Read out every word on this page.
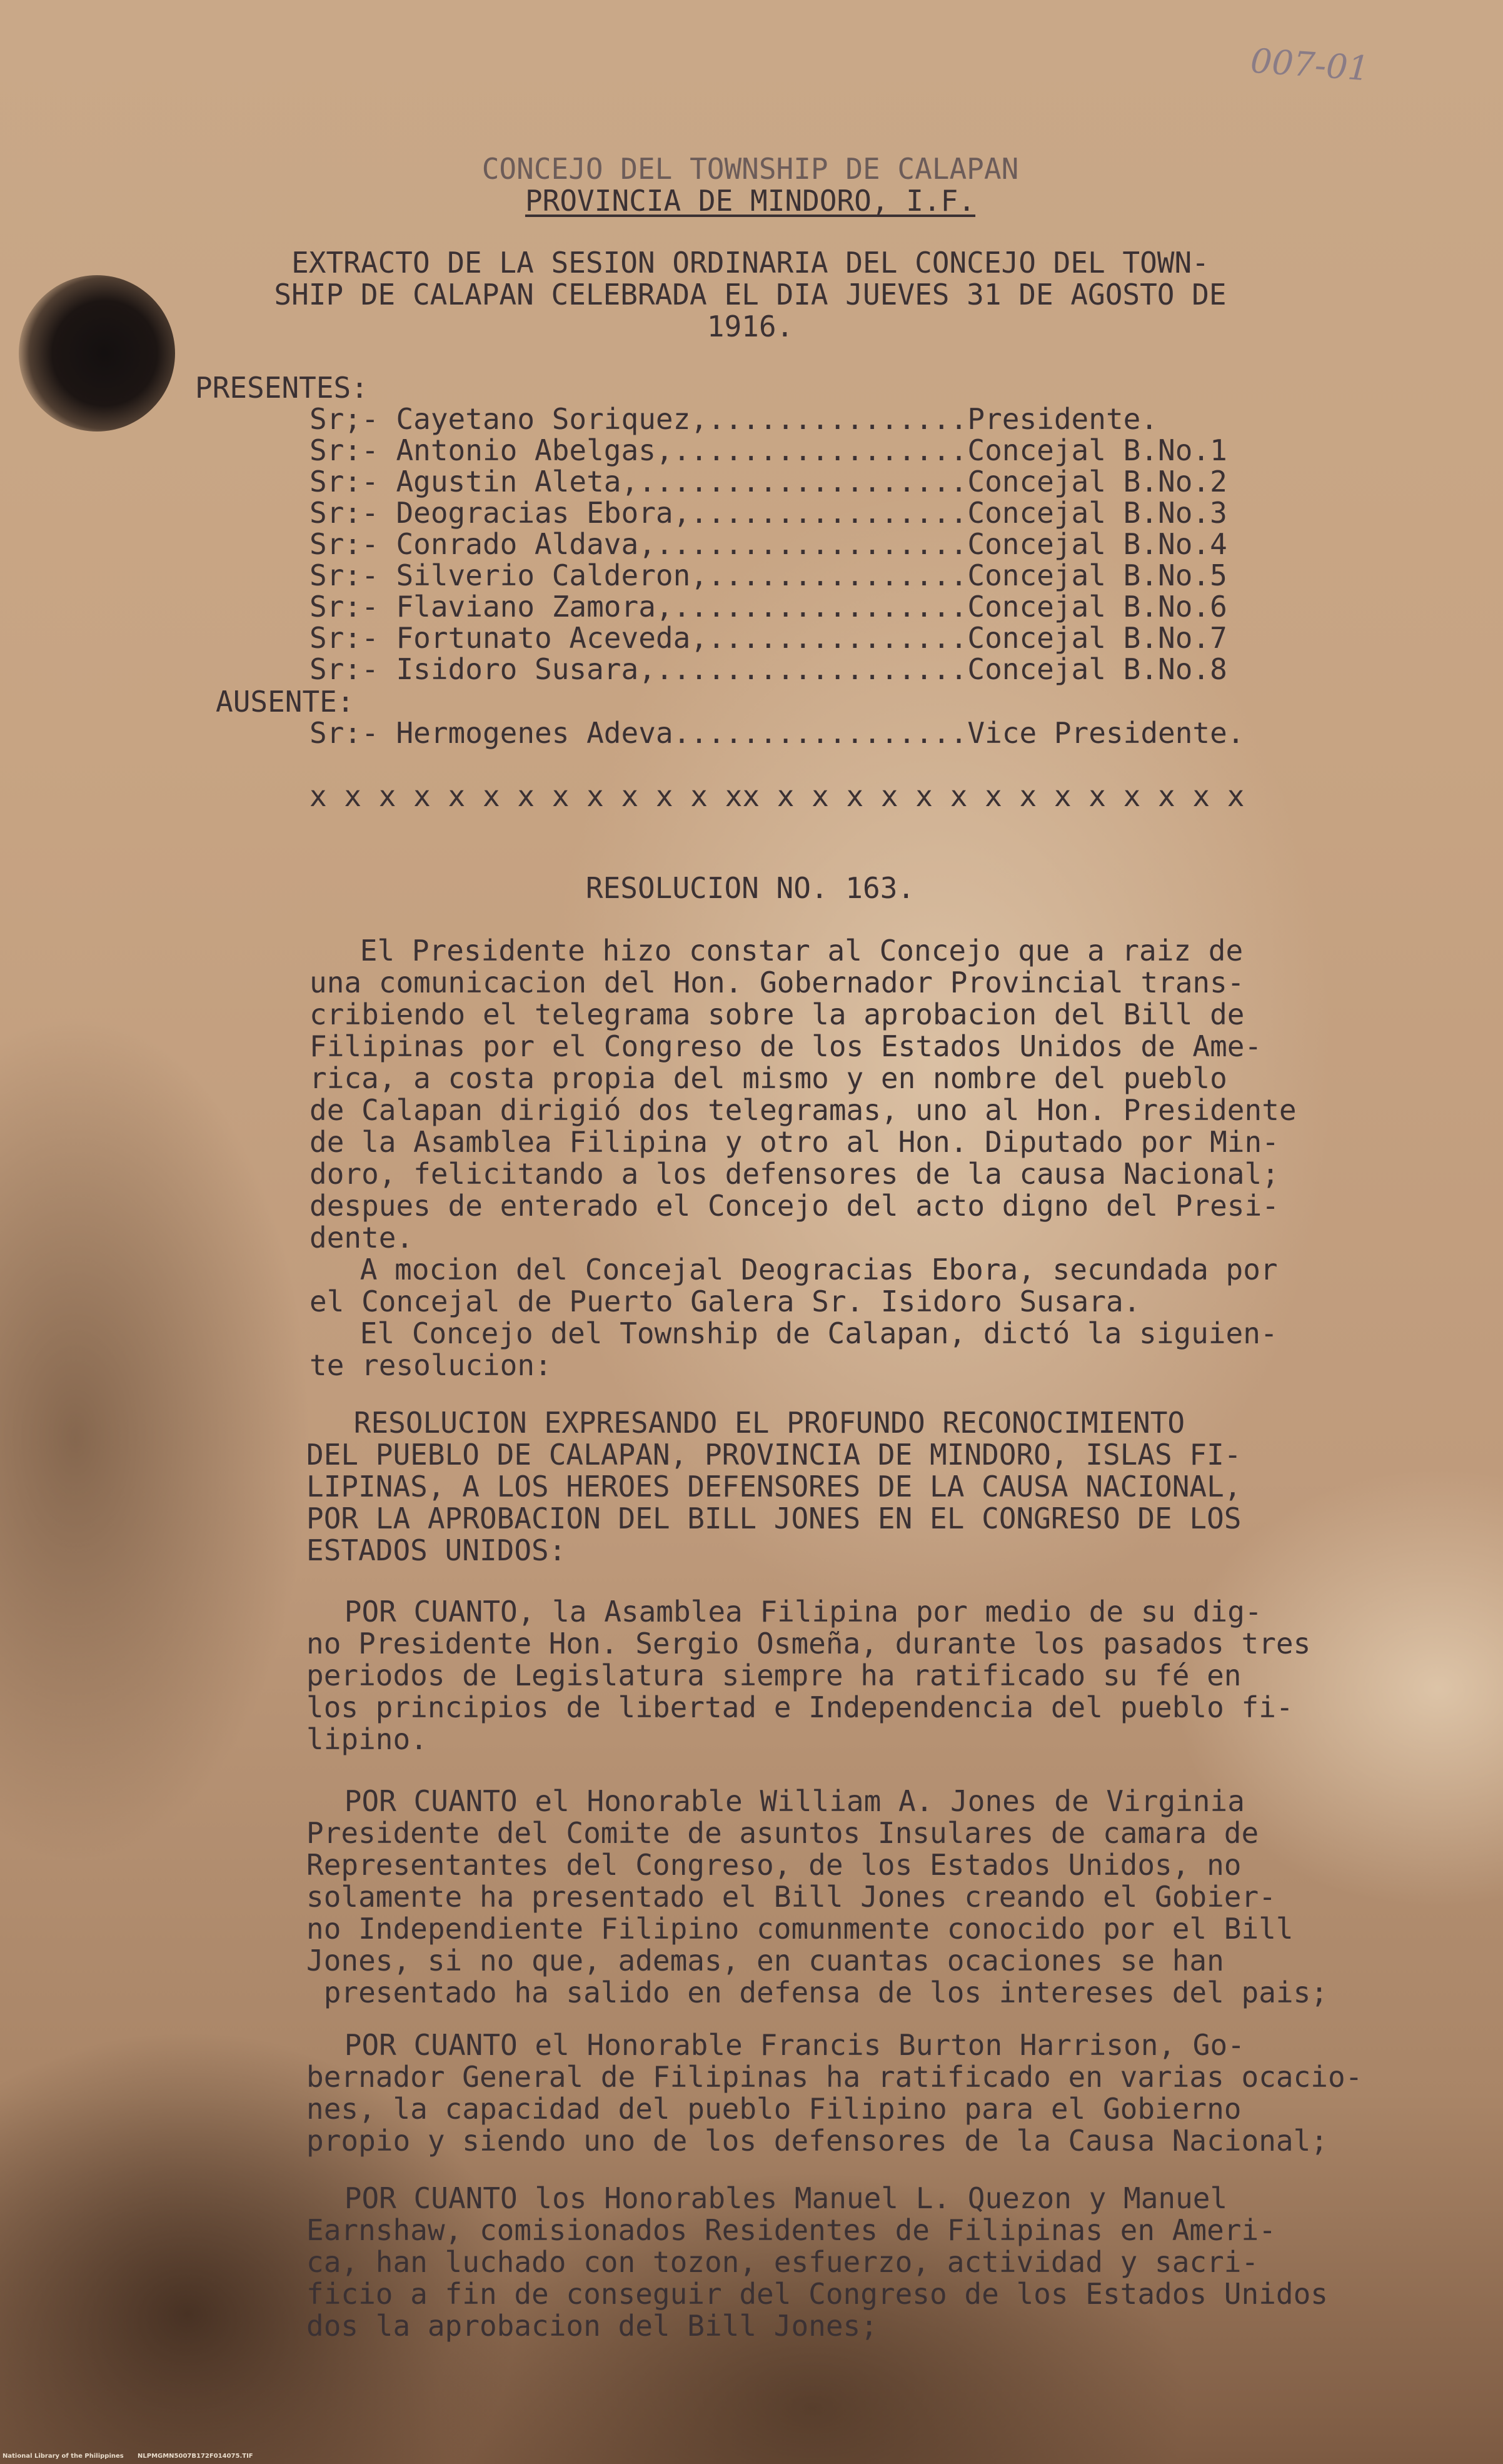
007-01

CONCEJO DEL TOWNSHIP DE CALAPAN

PROVINCIA DE MINDORO, I.F.

EXTRACTO DE LA SESION ORDINARIA DEL CONCEJO DEL TOWN-

SHIP DE CALAPAN CELEBRADA EL DIA JUEVES 31 DE AGOSTO DE

1916.

PRESENTES:

Sr;- Cayetano Soriquez,...............Presidente.

Sr:- Antonio Abelgas,.................Concejal B.No.1

Sr:- Agustin Aleta,...................Concejal B.No.2

Sr:- Deogracias Ebora,................Concejal B.No.3

Sr:- Conrado Aldava,..................Concejal B.No.4

Sr:- Silverio Calderon,...............Concejal B.No.5

Sr:- Flaviano Zamora,.................Concejal B.No.6

Sr:- Fortunato Aceveda,...............Concejal B.No.7

Sr:- Isidoro Susara,..................Concejal B.No.8

AUSENTE:

Sr:- Hermogenes Adeva.................Vice Presidente.

x x x x x x x x x x x x xx x x x x x x x x x x x x x x

RESOLUCION NO. 163.

El Presidente hizo constar al Concejo que a raiz de

una comunicacion del Hon. Gobernador Provincial trans-

cribiendo el telegrama sobre la aprobacion del Bill de

Filipinas por el Congreso de los Estados Unidos de Ame-

rica, a costa propia del mismo y en nombre del pueblo

de Calapan dirigió dos telegramas, uno al Hon. Presidente

de la Asamblea Filipina y otro al Hon. Diputado por Min-

doro, felicitando a los defensores de la causa Nacional;

despues de enterado el Concejo del acto digno del Presi-

dente.

A mocion del Concejal Deogracias Ebora, secundada por

el Concejal de Puerto Galera Sr. Isidoro Susara.

El Concejo del Township de Calapan, dictó la siguien-

te resolucion:

RESOLUCION EXPRESANDO EL PROFUNDO RECONOCIMIENTO

DEL PUEBLO DE CALAPAN, PROVINCIA DE MINDORO, ISLAS FI-

LIPINAS, A LOS HEROES DEFENSORES DE LA CAUSA NACIONAL,

POR LA APROBACION DEL BILL JONES EN EL CONGRESO DE LOS

ESTADOS UNIDOS:

POR CUANTO, la Asamblea Filipina por medio de su dig-

no Presidente Hon. Sergio Osmeña, durante los pasados tres

periodos de Legislatura siempre ha ratificado su fé en

los principios de libertad e Independencia del pueblo fi-

lipino.

POR CUANTO el Honorable William A. Jones de Virginia

Presidente del Comite de asuntos Insulares de camara de

Representantes del Congreso, de los Estados Unidos, no

solamente ha presentado el Bill Jones creando el Gobier-

no Independiente Filipino comunmente conocido por el Bill

Jones, si no que, ademas, en cuantas ocaciones se han

presentado ha salido en defensa de los intereses del pais;

POR CUANTO el Honorable Francis Burton Harrison, Go-

bernador General de Filipinas ha ratificado en varias ocacio-

nes, la capacidad del pueblo Filipino para el Gobierno

propio y siendo uno de los defensores de la Causa Nacional;

POR CUANTO los Honorables Manuel L. Quezon y Manuel

Earnshaw, comisionados Residentes de Filipinas en Ameri-

ca, han luchado con tozon, esfuerzo, actividad y sacri-

ficio a fin de conseguir del Congreso de los Estados Unidos

dos la aprobacion del Bill Jones;

National Library of the Philippines NLPMGMN5007B172F014075.TIF
